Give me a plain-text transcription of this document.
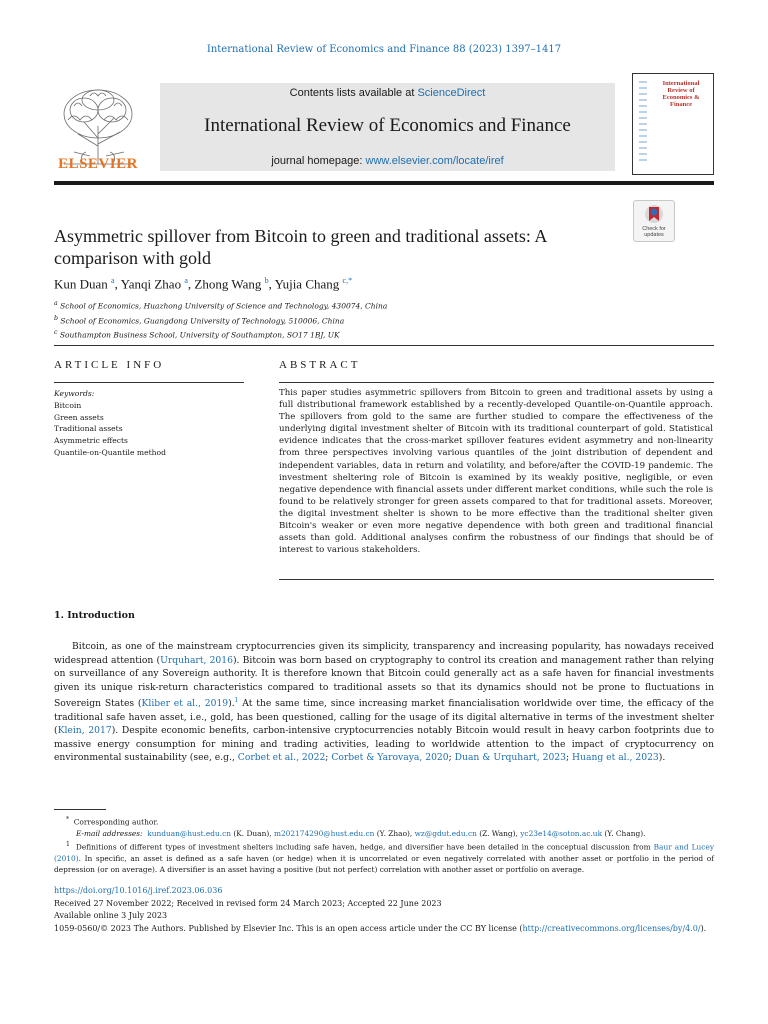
International Review of Economics and Finance 88 (2023) 1397–1417
ELSEVIER
Contents lists available at ScienceDirect
International Review of Economics and Finance
journal homepage: www.elsevier.com/locate/iref
International Review of Economics & Finance
Check for updates
Asymmetric spillover from Bitcoin to green and traditional assets: A comparison with gold
Kun Duan $^a$, Yanqi Zhao $^a$, Zhong Wang $^b$, Yujia Chang $^{c,*}$
$^a$ School of Economics, Huazhong University of Science and Technology, 430074, China
$^b$ School of Economics, Guangdong University of Technology, 510006, China
$^c$ Southampton Business School, University of Southampton, SO17 1BJ, UK
ARTICLE INFO	ABSTRACT
Keywords:
Bitcoin
Green assets
Traditional assets
Asymmetric effects
Quantile-on-Quantile method
This paper studies asymmetric spillovers from Bitcoin to green and traditional assets by using a full distributional framework established by a recently-developed Quantile-on-Quantile approach. The spillovers from gold to the same are further studied to compare the effectiveness of the underlying digital investment shelter of Bitcoin with its traditional counterpart of gold. Statistical evidence indicates that the cross-market spillover features evident asymmetry and non-linearity from three perspectives involving various quantiles of the joint distribution of dependent and independent variables, data in return and volatility, and before/after the COVID-19 pandemic. The investment sheltering role of Bitcoin is examined by its weakly positive, negligible, or even negative dependence with financial assets under different market conditions, while such the role is found to be relatively stronger for green assets compared to that for traditional assets. Moreover, the digital investment shelter is shown to be more effective than the traditional shelter given Bitcoin's weaker or even more negative dependence with both green and traditional financial assets than gold. Additional analyses confirm the robustness of our findings that should be of interest to various stakeholders.
1. Introduction
Bitcoin, as one of the mainstream cryptocurrencies given its simplicity, transparency and increasing popularity, has nowadays received widespread attention (Urquhart, 2016). Bitcoin was born based on cryptography to control its creation and management rather than relying on surveillance of any Sovereign authority. It is therefore known that Bitcoin could generally act as a safe haven for financial investments given its unique risk-return characteristics compared to traditional assets so that its dynamics should not be prone to fluctuations in Sovereign States (Kliber et al., 2019).$^1$ At the same time, since increasing market financialisation worldwide over time, the efficacy of the traditional safe haven asset, i.e., gold, has been questioned, calling for the usage of its digital alternative in terms of the investment shelter (Klein, 2017). Despite economic benefits, carbon-intensive cryptocurrencies notably Bitcoin would result in heavy carbon footprints due to massive energy consumption for mining and trading activities, leading to worldwide attention to the impact of cryptocurrency on environmental sustainability (see, e.g., Corbet et al., 2022; Corbet & Yarovaya, 2020; Duan & Urquhart, 2023; Huang et al., 2023).
* Corresponding author.
E-mail addresses: kunduan@hust.edu.cn (K. Duan), m202174290@hust.edu.cn (Y. Zhao), wz@gdut.edu.cn (Z. Wang), yc23e14@soton.ac.uk (Y. Chang).
$^1$ Definitions of different types of investment shelters including safe haven, hedge, and diversifier have been detailed in the conceptual discussion from Baur and Lucey (2010). In specific, an asset is defined as a safe haven (or hedge) when it is uncorrelated or even negatively correlated with another asset or portfolio in the period of depression (or on average). A diversifier is an asset having a positive (but not perfect) correlation with another asset or portfolio on average.
https://doi.org/10.1016/j.iref.2023.06.036
Received 27 November 2022; Received in revised form 24 March 2023; Accepted 22 June 2023
Available online 3 July 2023
1059-0560/© 2023 The Authors. Published by Elsevier Inc. This is an open access article under the CC BY license (http://creativecommons.org/licenses/by/4.0/).
